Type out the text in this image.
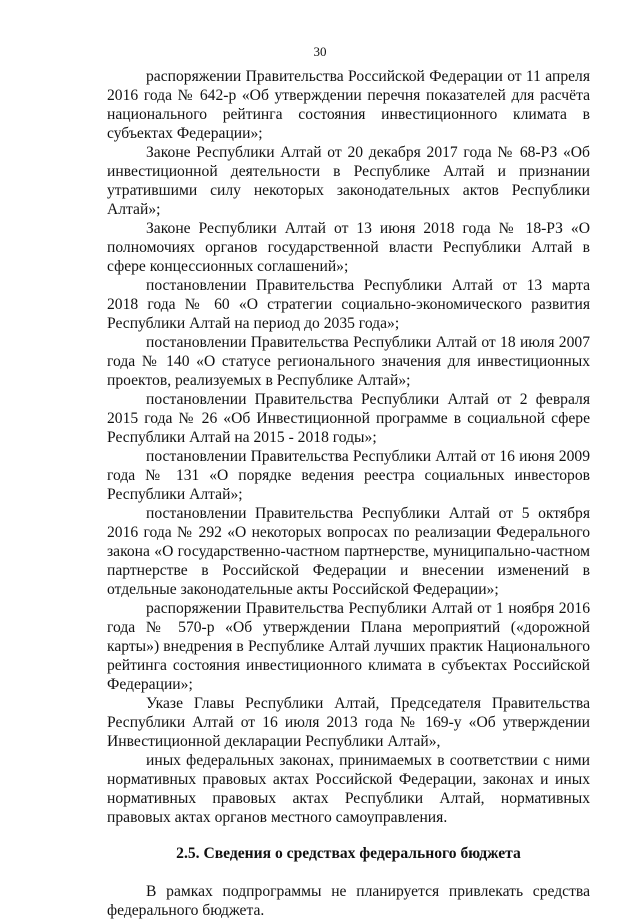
30

распоряжении Правительства Российской Федерации от 11 апреля 2016 года № 642-р «Об утверждении перечня показателей для расчёта национального рейтинга состояния инвестиционного климата в субъектах Федерации»;

Законе Республики Алтай от 20 декабря 2017 года № 68-РЗ «Об инвестиционной деятельности в Республике Алтай и признании утратившими силу некоторых законодательных актов Республики Алтай»;

Законе Республики Алтай от 13 июня 2018 года № 18-РЗ «О полномочиях органов государственной власти Республики Алтай в сфере концессионных соглашений»;

постановлении Правительства Республики Алтай от 13 марта 2018 года № 60 «О стратегии социально-экономического развития Республики Алтай на период до 2035 года»;

постановлении Правительства Республики Алтай от 18 июля 2007 года № 140 «О статусе регионального значения для инвестиционных проектов, реализуемых в Республике Алтай»;

постановлении Правительства Республики Алтай от 2 февраля 2015 года № 26 «Об Инвестиционной программе в социальной сфере Республики Алтай на 2015 - 2018 годы»;

постановлении Правительства Республики Алтай от 16 июня 2009 года № 131 «О порядке ведения реестра социальных инвесторов Республики Алтай»;

постановлении Правительства Республики Алтай от 5 октября 2016 года № 292 «О некоторых вопросах по реализации Федерального закона «О государственно-частном партнерстве, муниципально-частном партнерстве в Российской Федерации и внесении изменений в отдельные законодательные акты Российской Федерации»;

распоряжении Правительства Республики Алтай от 1 ноября 2016 года № 570-р «Об утверждении Плана мероприятий («дорожной карты») внедрения в Республике Алтай лучших практик Национального рейтинга состояния инвестиционного климата в субъектах Российской Федерации»;

Указе Главы Республики Алтай, Председателя Правительства Республики Алтай от 16 июля 2013 года № 169-у «Об утверждении Инвестиционной декларации Республики Алтай»,

иных федеральных законах, принимаемых в соответствии с ними нормативных правовых актах Российской Федерации, законах и иных нормативных правовых актах Республики Алтай, нормативных правовых актах органов местного самоуправления.

2.5. Сведения о средствах федерального бюджета

В рамках подпрограммы не планируется привлекать средства федерального бюджета.
